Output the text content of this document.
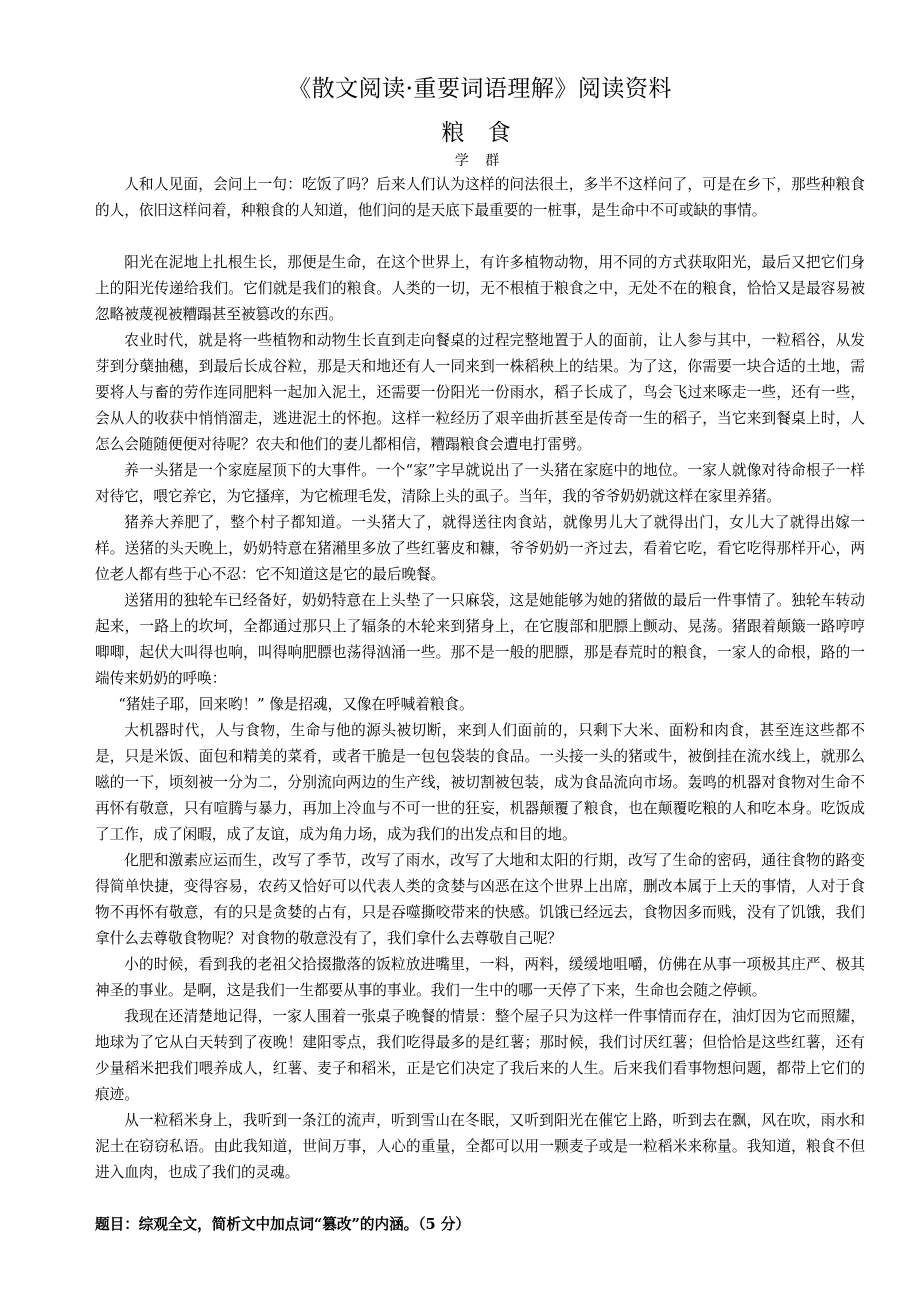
《散文阅读·重要词语理解》阅读资料
粮 食
学 群

人和人见面，会问上一句：吃饭了吗？后来人们认为这样的问法很土，多半不这样问了，可是在乡下，那些种粮食的人，依旧这样问着，种粮食的人知道，他们问的是天底下最重要的一桩事，是生命中不可或缺的事情。

阳光在泥地上扎根生长，那便是生命，在这个世界上，有许多植物动物，用不同的方式获取阳光，最后又把它们身上的阳光传递给我们。它们就是我们的粮食。人类的一切，无不根植于粮食之中，无处不在的粮食，恰恰又是最容易被忽略被蔑视被糟蹋甚至被篡改的东西。

农业时代，就是将一些植物和动物生长直到走向餐桌的过程完整地置于人的面前，让人参与其中，一粒稻谷，从发芽到分蘖抽穗，到最后长成谷粒，那是天和地还有人一同来到一株稻秧上的结果。为了这，你需要一块合适的土地，需要将人与畜的劳作连同肥料一起加入泥土，还需要一份阳光一份雨水，稻子长成了，鸟会飞过来啄走一些，还有一些，会从人的收获中悄悄溜走，逃进泥土的怀抱。这样一粒经历了艰辛曲折甚至是传奇一生的稻子，当它来到餐桌上时，人怎么会随随便便对待呢？农夫和他们的妻儿都相信，糟蹋粮食会遭电打雷劈。

养一头猪是一个家庭屋顶下的大事件。一个“家”字早就说出了一头猪在家庭中的地位。一家人就像对待命根子一样对待它，喂它养它，为它搔痒，为它梳理毛发，清除上头的虱子。当年，我的爷爷奶奶就这样在家里养猪。

猪养大养肥了，整个村子都知道。一头猪大了，就得送往肉食站，就像男儿大了就得出门，女儿大了就得出嫁一样。送猪的头天晚上，奶奶特意在猪潲里多放了些红薯皮和糠，爷爷奶奶一齐过去，看着它吃，看它吃得那样开心，两位老人都有些于心不忍：它不知道这是它的最后晚餐。

送猪用的独轮车已经备好，奶奶特意在上头垫了一只麻袋，这是她能够为她的猪做的最后一件事情了。独轮车转动起来，一路上的坎坷，全都通过那只上了辐条的木轮来到猪身上，在它腹部和肥膘上颤动、晃荡。猪跟着颠簸一路哼哼唧唧，起伏大叫得也响，叫得响肥膘也荡得汹涌一些。那不是一般的肥膘，那是春荒时的粮食，一家人的命根，路的一端传来奶奶的呼唤：

“猪娃子耶，回来哟！” 像是招魂，又像在呼喊着粮食。

大机器时代，人与食物，生命与他的源头被切断，来到人们面前的，只剩下大米、面粉和肉食，甚至连这些都不是，只是米饭、面包和精美的菜肴，或者干脆是一包包袋装的食品。一头接一头的猪或牛，被倒挂在流水线上，就那么嗞的一下，顷刻被一分为二，分别流向两边的生产线，被切割被包装，成为食品流向市场。轰鸣的机器对食物对生命不再怀有敬意，只有喧腾与暴力，再加上冷血与不可一世的狂妄，机器颠覆了粮食，也在颠覆吃粮的人和吃本身。吃饭成了工作，成了闲暇，成了友谊，成为角力场，成为我们的出发点和目的地。

化肥和激素应运而生，改写了季节，改写了雨水，改写了大地和太阳的行期，改写了生命的密码，通往食物的路变得简单快捷，变得容易，农药又恰好可以代表人类的贪婪与凶恶在这个世界上出席，删改本属于上天的事情，人对于食物不再怀有敬意，有的只是贪婪的占有，只是吞噬撕咬带来的快感。饥饿已经远去，食物因多而贱，没有了饥饿，我们拿什么去尊敬食物呢？对食物的敬意没有了，我们拿什么去尊敬自己呢？

小的时候，看到我的老祖父拾掇撒落的饭粒放进嘴里，一料，两料，缓缓地咀嚼，仿佛在从事一项极其庄严、极其神圣的事业。是啊，这是我们一生都要从事的事业。我们一生中的哪一天停了下来，生命也会随之停顿。

我现在还清楚地记得，一家人围着一张桌子晚餐的情景：整个屋子只为这样一件事情而存在，油灯因为它而照耀，地球为了它从白天转到了夜晚！建阳零点，我们吃得最多的是红薯；那时候，我们讨厌红薯；但恰恰是这些红薯，还有少量稻米把我们喂养成人，红薯、麦子和稻米，正是它们决定了我后来的人生。后来我们看事物想问题，都带上它们的痕迹。

从一粒稻米身上，我听到一条江的流声，听到雪山在冬眠，又听到阳光在催它上路，听到去在飘，风在吹，雨水和泥土在窃窃私语。由此我知道，世间万事，人心的重量，全都可以用一颗麦子或是一粒稻米来称量。我知道，粮食不但进入血肉，也成了我们的灵魂。

题目：综观全文，简析文中加点词“篡改”的内涵。（5 分）
